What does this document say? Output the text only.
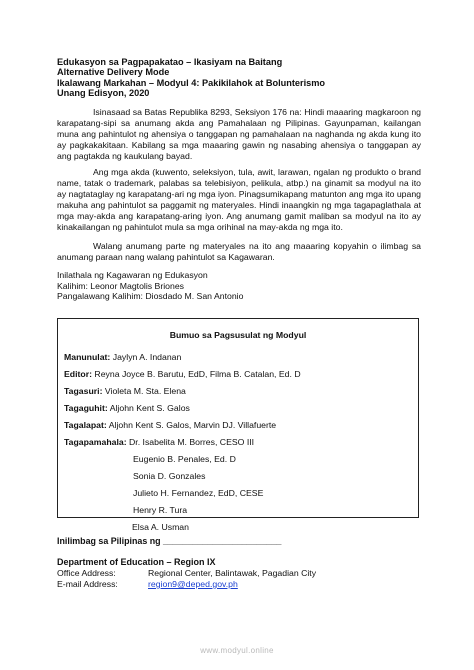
Edukasyon sa Pagpapakatao – Ikasiyam na Baitang
Alternative Delivery Mode
Ikalawang Markahan – Modyul 4: Pakikilahok at Bolunterismo
Unang Edisyon, 2020
Isinasaad sa Batas Republika 8293, Seksiyon 176 na: Hindi maaaring magkaroon ng karapatang-sipi sa anumang akda ang Pamahalaan ng Pilipinas. Gayunpaman, kailangan muna ang pahintulot ng ahensiya o tanggapan ng pamahalaan na naghanda ng akda kung ito ay pagkakakitaan. Kabilang sa mga maaaring gawin ng nasabing ahensiya o tanggapan ay ang pagtakda ng kaukulang bayad.
Ang mga akda (kuwento, seleksiyon, tula, awit, larawan, ngalan ng produkto o brand name, tatak o trademark, palabas sa telebisiyon, pelikula, atbp.) na ginamit sa modyul na ito ay nagtataglay ng karapatang-ari ng mga iyon. Pinagsumikapang matunton ang mga ito upang makuha ang pahintulot sa paggamit ng materyales. Hindi inaangkin ng mga tagapaglathala at mga may-akda ang karapatang-aring iyon. Ang anumang gamit maliban sa modyul na ito ay kinakailangan ng pahintulot mula sa mga orihinal na may-akda ng mga ito.
Walang anumang parte ng materyales na ito ang maaaring kopyahin o ilimbag sa anumang paraan nang walang pahintulot sa Kagawaran.
Inilathala ng Kagawaran ng Edukasyon
Kalihim: Leonor Magtolis Briones
Pangalawang Kalihim: Diosdado M. San Antonio
Bumuo sa Pagsusulat ng Modyul
Manunulat: Jaylyn A. Indanan
Editor: Reyna Joyce B. Barutu, EdD, Filma B. Catalan, Ed. D
Tagasuri: Violeta M. Sta. Elena
Tagaguhit: Aljohn Kent S. Galos
Tagalapat: Aljohn Kent S. Galos, Marvin DJ. Villafuerte
Tagapamahala: Dr. Isabelita M. Borres, CESO III
Eugenio B. Penales, Ed. D
Sonia D. Gonzales
Julieto H. Fernandez, EdD, CESE
Henry R. Tura
Elsa A. Usman
Inilimbag sa Pilipinas ng ________________________
Department of Education – Region IX
Office Address:	Regional Center, Balintawak, Pagadian City
E-mail Address:	region9@deped.gov.ph
www.modyul.online
